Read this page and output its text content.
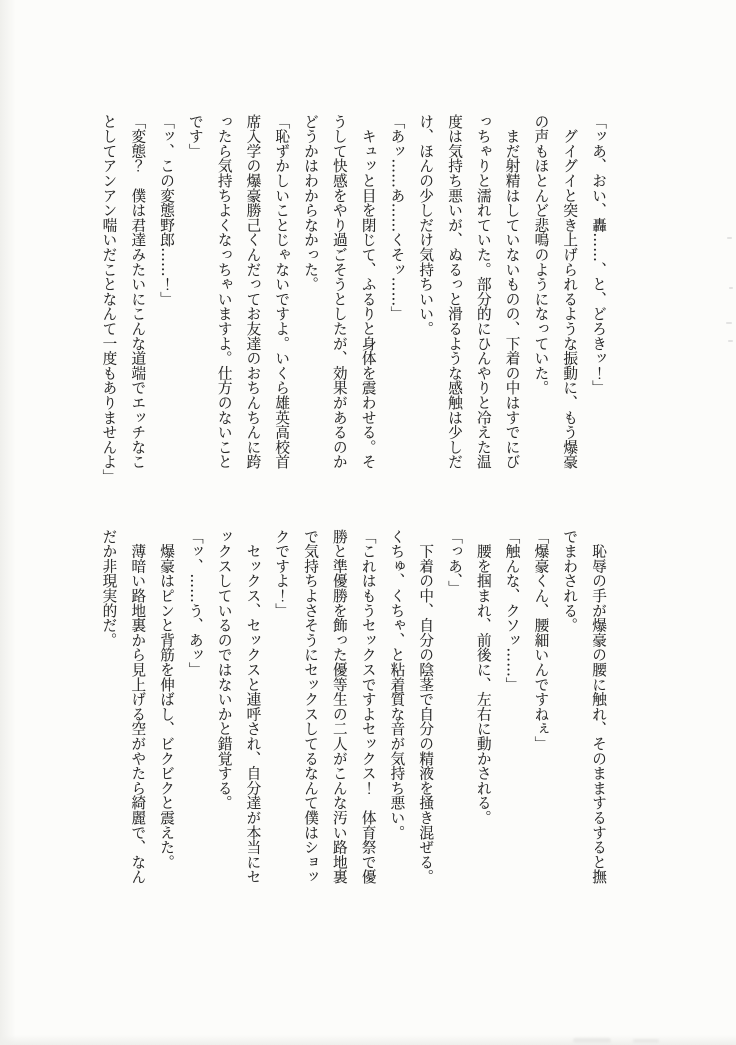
「ッあ、おい、轟……、と、どろきッ！」

　グイグイと突き上げられるような振動に、もう爆豪

の声もほとんど悲鳴のようになっていた。

　まだ射精はしていないものの、下着の中はすでにび

っちゃりと濡れていた。部分的にひんやりと冷えた温

度は気持ち悪いが、ぬるっと滑るような感触は少しだ

け、ほんの少しだけ気持ちいい。

「あッ……あ……くそッ……」

　キュッと目を閉じて、ふるりと身体を震わせる。そ

うして快感をやり過ごそうとしたが、効果があるのか

どうかはわからなかった。

「恥ずかしいことじゃないですよ。いくら雄英高校首

席入学の爆豪勝己くんだってお友達のおちんちんに跨

ったら気持ちよくなっちゃいますよ。仕方のないこと

です」

「ッ、この変態野郎……！」

「変態？　僕は君達みたいにこんな道端でエッチなこ

としてアンアン喘いだことなんて一度もありませんよ」

　恥辱の手が爆豪の腰に触れ、そのままするすると撫

でまわされる。

「爆豪くん、腰細いんですねぇ」

「触んな、クソッ……」

　腰を掴まれ、前後に、左右に動かされる。

「っあ、」

　下着の中、自分の陰茎で自分の精液を掻き混ぜる。

くちゅ、くちゃ、と粘着質な音が気持ち悪い。

「これはもうセックスですよセックス！　体育祭で優

勝と準優勝を飾った優等生の二人がこんな汚い路地裏

で気持ちよさそうにセックスしてるなんて僕はショッ

クですよ！」

　セックス、セックスと連呼され、自分達が本当にセ

ックスしているのではないかと錯覚する。

「ッ、……う、あッ」

　爆豪はピンと背筋を伸ばし、ビクビクと震えた。

　薄暗い路地裏から見上げる空がやたら綺麗で、なん

だか非現実的だ。
